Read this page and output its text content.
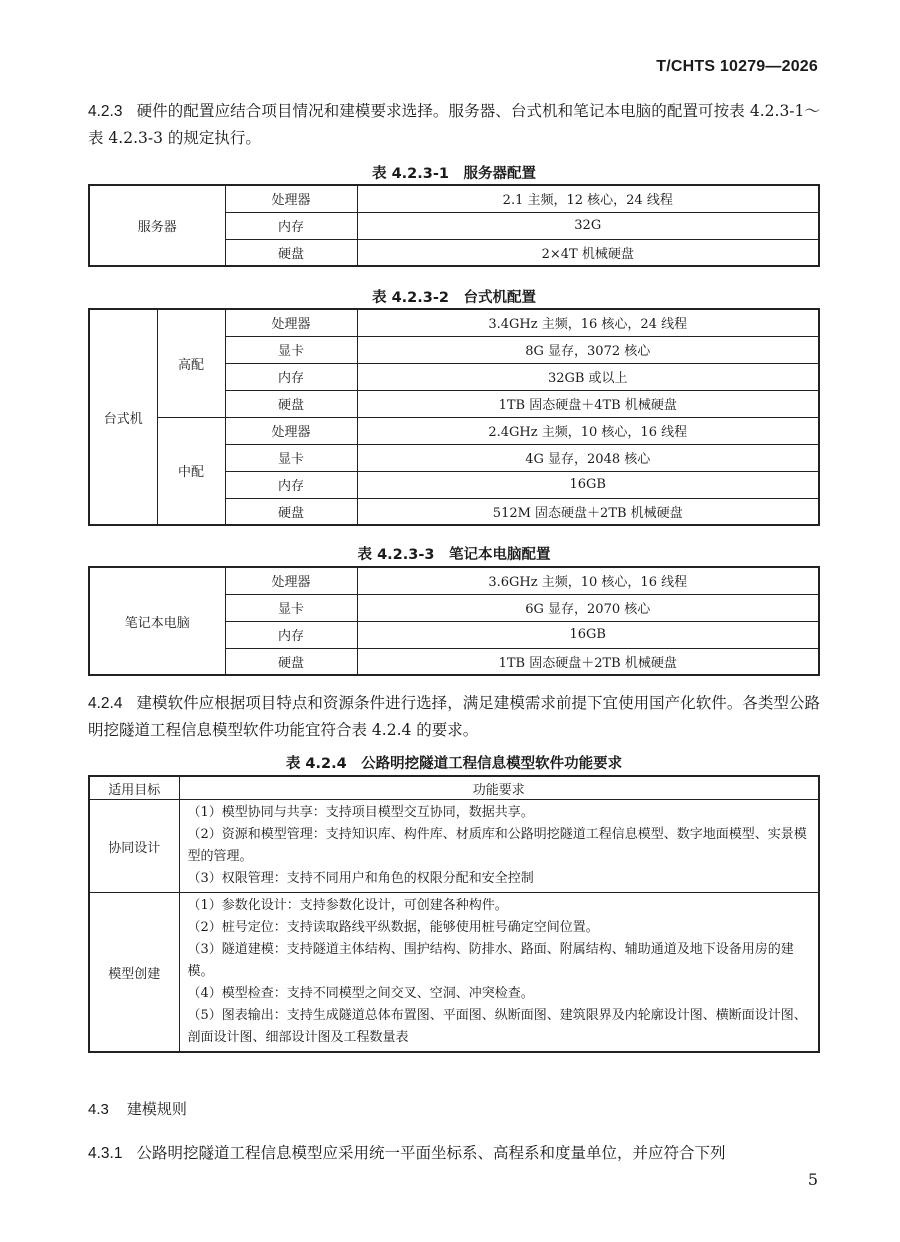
T/CHTS 10279—2026
4.2.3 硬件的配置应结合项目情况和建模要求选择。服务器、台式机和笔记本电脑的配置可按表 4.2.3-1～表 4.2.3-3 的规定执行。
表 4.2.3-1　服务器配置
服务器	处理器	2.1 主频，12 核心，24 线程
	内存	32G
	硬盘	2×4T 机械硬盘
表 4.2.3-2　台式机配置
台式机	高配	处理器	3.4GHz 主频，16 核心，24 线程
		显卡	8G 显存，3072 核心
		内存	32GB 或以上
		硬盘	1TB 固态硬盘＋4TB 机械硬盘
	中配	处理器	2.4GHz 主频，10 核心，16 线程
		显卡	4G 显存，2048 核心
		内存	16GB
		硬盘	512M 固态硬盘＋2TB 机械硬盘
表 4.2.3-3　笔记本电脑配置
笔记本电脑	处理器	3.6GHz 主频，10 核心，16 线程
	显卡	6G 显存，2070 核心
	内存	16GB
	硬盘	1TB 固态硬盘＋2TB 机械硬盘
4.2.4 建模软件应根据项目特点和资源条件进行选择，满足建模需求前提下宜使用国产化软件。各类型公路明挖隧道工程信息模型软件功能宜符合表 4.2.4 的要求。
表 4.2.4　公路明挖隧道工程信息模型软件功能要求
适用目标	功能要求
协同设计	（1）模型协同与共享：支持项目模型交互协同，数据共享。
（2）资源和模型管理：支持知识库、构件库、材质库和公路明挖隧道工程信息模型、数字地面模型、实景模型的管理。
（3）权限管理：支持不同用户和角色的权限分配和安全控制

模型创建	（1）参数化设计：支持参数化设计，可创建各种构件。
（2）桩号定位：支持读取路线平纵数据，能够使用桩号确定空间位置。
（3）隧道建模：支持隧道主体结构、围护结构、防排水、路面、附属结构、辅助通道及地下设备用房的建模。
（4）模型检查：支持不同模型之间交叉、空洞、冲突检查。
（5）图表输出：支持生成隧道总体布置图、平面图、纵断面图、建筑限界及内轮廓设计图、横断面设计图、剖面设计图、细部设计图及工程数量表
4.3 建模规则
4.3.1 公路明挖隧道工程信息模型应采用统一平面坐标系、高程系和度量单位，并应符合下列
5
